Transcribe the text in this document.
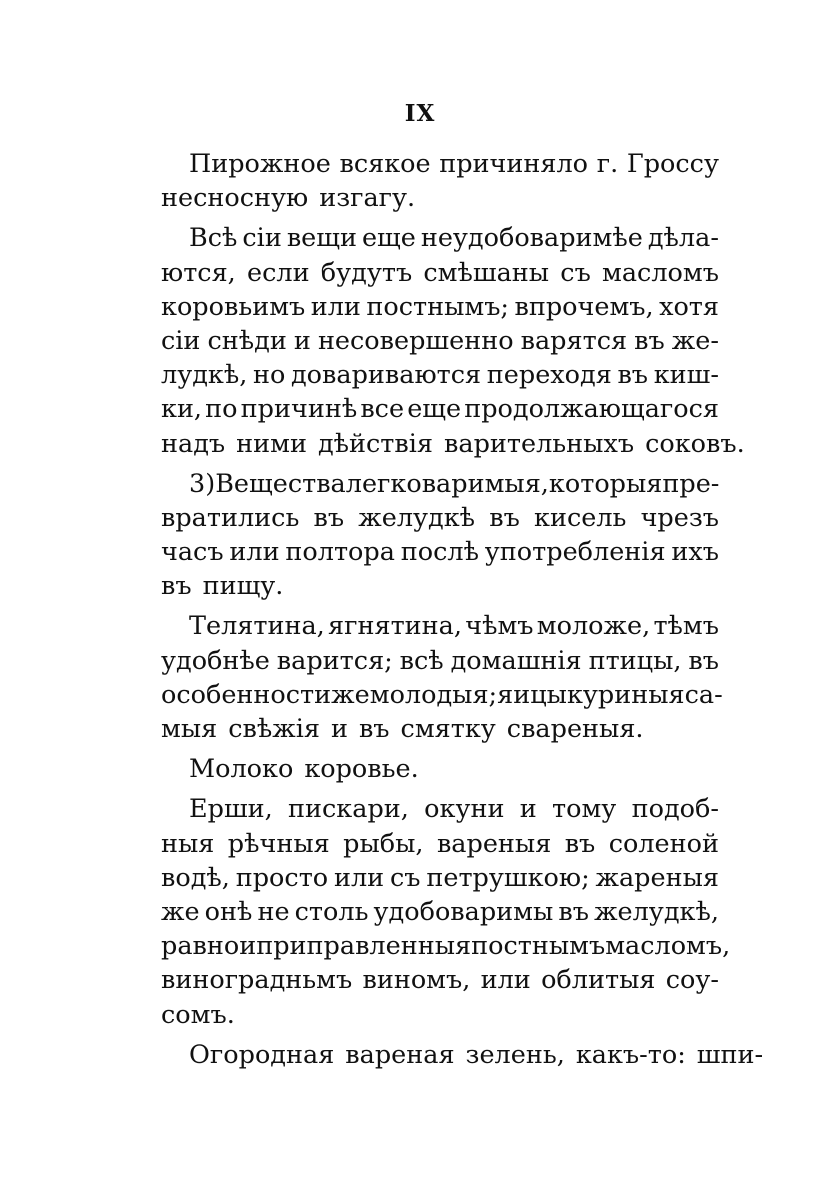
IX
Пирожное всякое причиняло г. Гроссу
несносную изгагу.
Всѣ сіи вещи еще неудобоваримѣе дѣла-
ются, если будутъ смѣшаны съ масломъ
коровьимъ или постнымъ; впрочемъ, хотя
сіи снѣди и несовершенно варятся въ же-
лудкѣ, но довариваются переходя въ киш-
ки, по причинѣ все еще продолжающагося
надъ ними дѣйствія варительныхъ соковъ.
3) Вещества легковаримыя, которыя пре-
вратились въ желудкѣ въ кисель чрезъ
часъ или полтора послѣ употребленія ихъ
въ пищу.
Телятина, ягнятина, чѣмъ моложе, тѣмъ
удобнѣе варится; всѣ домашнія птицы, въ
особенности же молодыя; яицы куриныя са-
мыя свѣжія и въ смятку свареныя.
Молоко коровье.
Ерши, пискари, окуни и тому подоб-
ныя рѣчныя рыбы, вареныя въ соленой
водѣ, просто или съ петрушкою; жареныя
же онѣ не столь удобоваримы въ желудкѣ,
равно и приправленныя постнымъ масломъ,
виноградньмъ виномъ, или облитыя соу-
сомъ.
Огородная вареная зелень, какъ-то: шпи-
